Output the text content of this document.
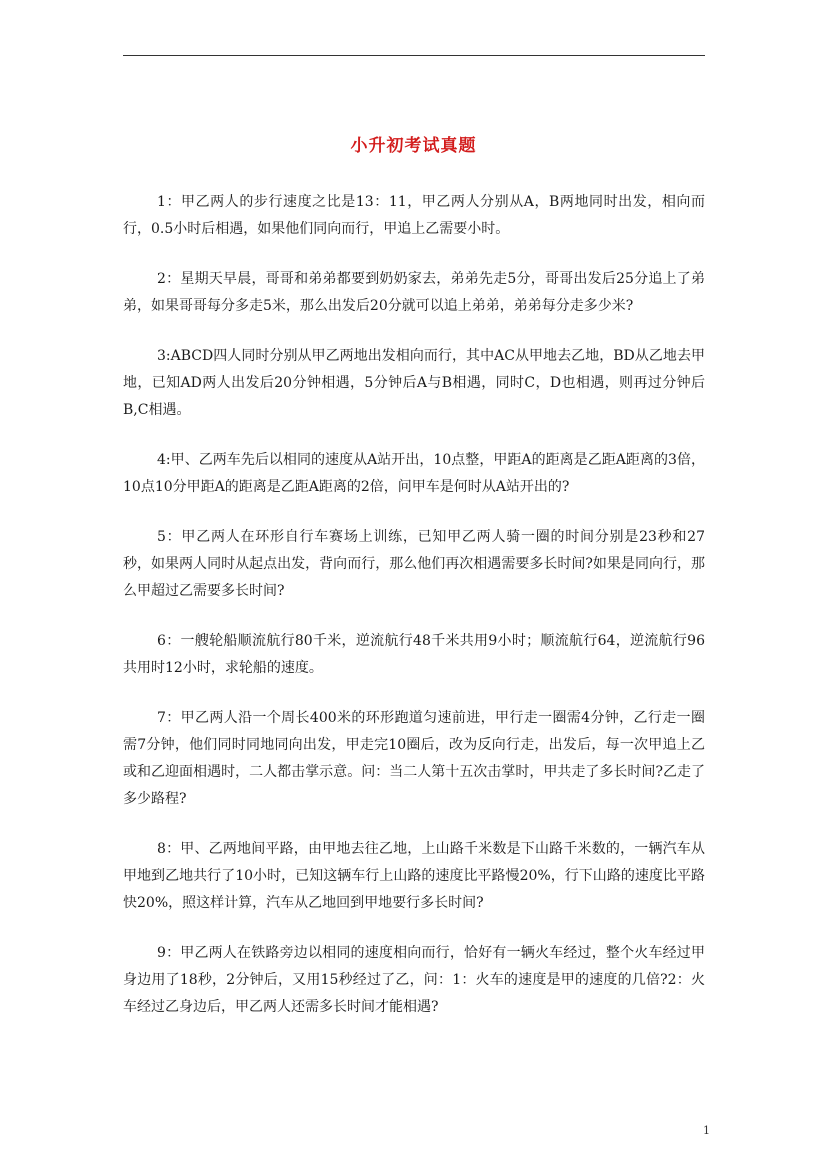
小升初考试真题

1：甲乙两人的步行速度之比是13：11，甲乙两人分别从A，B两地同时出发，相向而行，0.5小时后相遇，如果他们同向而行，甲追上乙需要小时。

2：星期天早晨，哥哥和弟弟都要到奶奶家去，弟弟先走5分，哥哥出发后25分追上了弟弟，如果哥哥每分多走5米，那么出发后20分就可以追上弟弟，弟弟每分走多少米?

3:ABCD四人同时分别从甲乙两地出发相向而行，其中AC从甲地去乙地，BD从乙地去甲地，已知AD两人出发后20分钟相遇，5分钟后A与B相遇，同时C，D也相遇，则再过分钟后B,C相遇。

4:甲、乙两车先后以相同的速度从A站开出，10点整，甲距A的距离是乙距A距离的3倍，10点10分甲距A的距离是乙距A距离的2倍，问甲车是何时从A站开出的?

5：甲乙两人在环形自行车赛场上训练，已知甲乙两人骑一圈的时间分别是23秒和27秒，如果两人同时从起点出发，背向而行，那么他们再次相遇需要多长时间?如果是同向行，那么甲超过乙需要多长时间?

6：一艘轮船顺流航行80千米，逆流航行48千米共用9小时；顺流航行64，逆流航行96共用时12小时，求轮船的速度。

7：甲乙两人沿一个周长400米的环形跑道匀速前进，甲行走一圈需4分钟，乙行走一圈需7分钟，他们同时同地同向出发，甲走完10圈后，改为反向行走，出发后，每一次甲追上乙或和乙迎面相遇时，二人都击掌示意。问：当二人第十五次击掌时，甲共走了多长时间?乙走了多少路程?

8：甲、乙两地间平路，由甲地去往乙地，上山路千米数是下山路千米数的，一辆汽车从甲地到乙地共行了10小时，已知这辆车行上山路的速度比平路慢20%，行下山路的速度比平路快20%，照这样计算，汽车从乙地回到甲地要行多长时间?

9：甲乙两人在铁路旁边以相同的速度相向而行，恰好有一辆火车经过，整个火车经过甲身边用了18秒，2分钟后，又用15秒经过了乙，问：1：火车的速度是甲的速度的几倍?2：火车经过乙身边后，甲乙两人还需多长时间才能相遇?

1
